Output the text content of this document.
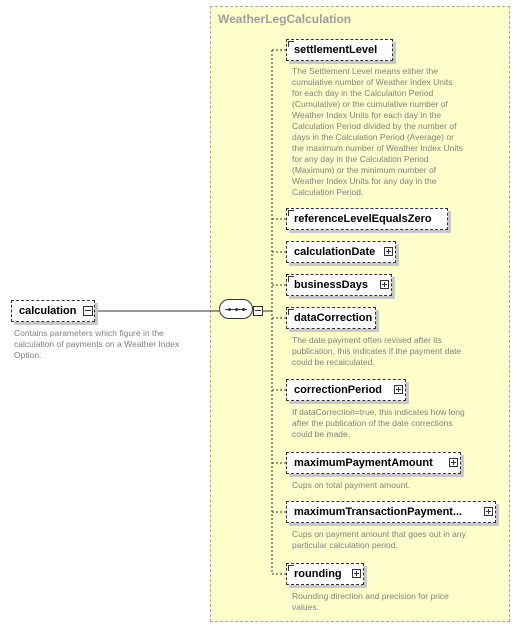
WeatherLegCalculation
calculation
Contains parameters which figure in the calculation of payments on a Weather Index Option.
settlementLevel
The Settlement Level means either the cumulative number of Weather Index Units for each day in the Calculaiton Period (Cumulative) or the cumulative number of Weather Index Units for each day in the Calculation Period divided by the number of days in the Calculation Period (Average) or the maximum number of Weather Index Units for any day in the Calculation Period (Maximum) or the minimum number of Weather Index Units for any day in the Calculation Period.
referenceLevelEqualsZero
calculationDate
businessDays
dataCorrection
The date payment often revised after its publication, this indicates if the payment date could be recalculated.
correctionPeriod
If dataCorrection=true, this indicates how long after the publication of the date corrections could be made.
maximumPaymentAmount
Cups on total payment amount.
maximumTransactionPayment...
Cups on payment amount that goes out in any particular calculation period.
rounding
Rounding direction and precision for price values.
